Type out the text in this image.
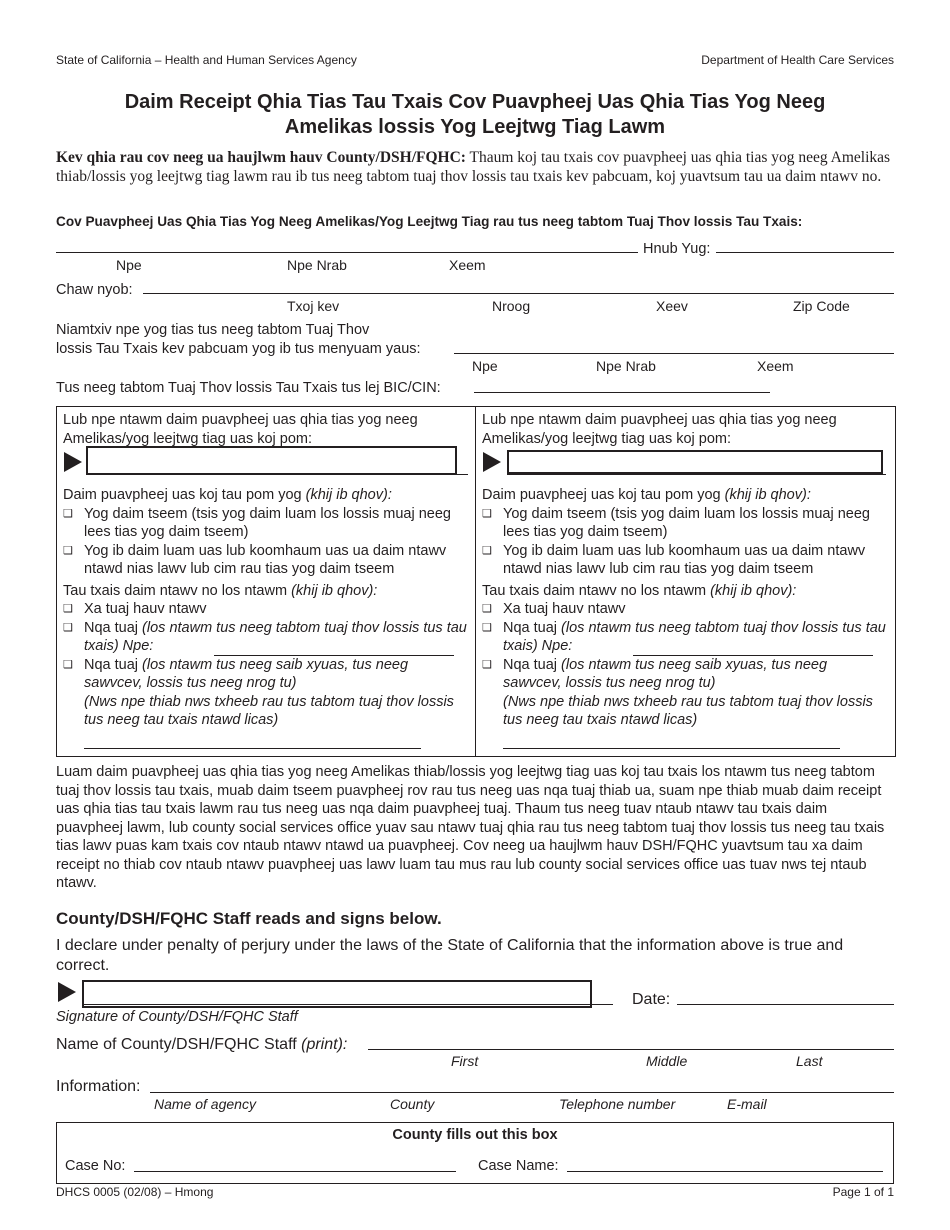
State of California – Health and Human Services Agency	Department of Health Care Services
Daim Receipt Qhia Tias Tau Txais Cov Puavpheej Uas Qhia Tias Yog Neeg
Amelikas lossis Yog Leejtwg Tiag Lawm
Kev qhia rau cov neeg ua haujlwm hauv County/DSH/FQHC: Thaum koj tau txais cov puavpheej uas qhia tias yog neeg Amelikas thiab/lossis yog leejtwg tiag lawm rau ib tus neeg tabtom tuaj thov lossis tau txais kev pabcuam, koj yuavtsum tau ua daim ntawv no.
Cov Puavpheej Uas Qhia Tias Yog Neeg Amelikas/Yog Leejtwg Tiag rau tus neeg tabtom Tuaj Thov lossis Tau Txais:
Hnub Yug:
Npe	Npe Nrab	Xeem
Chaw nyob:
Txoj kev	Nroog	Xeev	Zip Code
Niamtxiv npe yog tias tus neeg tabtom Tuaj Thov
lossis Tau Txais kev pabcuam yog ib tus menyuam yaus:
Npe	Npe Nrab	Xeem
Tus neeg tabtom Tuaj Thov lossis Tau Txais tus lej BIC/CIN:

Lub npe ntawm daim puavpheej uas qhia tias yog neeg

Amelikas/yog leejtwg tiag uas koj pom:

Daim puavpheej uas koj tau pom yog (khij ib qhov):

❑ Yog daim tseem (tsis yog daim luam los lossis muaj neeg lees tias yog daim tseem)
❑ Yog ib daim luam uas lub koomhaum uas ua daim ntawv ntawd nias lawv lub cim rau tias yog daim tseem

Tau txais daim ntawv no los ntawm (khij ib qhov):

❑ Xa tuaj hauv ntawv
❑ Nqa tuaj (los ntawm tus neeg tabtom tuaj thov lossis tus tau txais) Npe:
❑ Nqa tuaj (los ntawm tus neeg saib xyuas, tus neeg sawvcev, lossis tus neeg nrog tu)
(Nws npe thiab nws txheeb rau tus tabtom tuaj thov lossis tus neeg tau txais ntawd licas)

Lub npe ntawm daim puavpheej uas qhia tias yog neeg

Amelikas/yog leejtwg tiag uas koj pom:

Daim puavpheej uas koj tau pom yog (khij ib qhov):

❑ Yog daim tseem (tsis yog daim luam los lossis muaj neeg lees tias yog daim tseem)
❑ Yog ib daim luam uas lub koomhaum uas ua daim ntawv ntawd nias lawv lub cim rau tias yog daim tseem

Tau txais daim ntawv no los ntawm (khij ib qhov):

❑ Xa tuaj hauv ntawv
❑ Nqa tuaj (los ntawm tus neeg tabtom tuaj thov lossis tus tau txais) Npe:
❑ Nqa tuaj (los ntawm tus neeg saib xyuas, tus neeg sawvcev, lossis tus neeg nrog tu)
(Nws npe thiab nws txheeb rau tus tabtom tuaj thov lossis tus neeg tau txais ntawd licas)
Luam daim puavpheej uas qhia tias yog neeg Amelikas thiab/lossis yog leejtwg tiag uas koj tau txais los ntawm tus neeg tabtom tuaj thov lossis tau txais, muab daim tseem puavpheej rov rau tus neeg uas nqa tuaj thiab ua, suam npe thiab muab daim receipt uas qhia tias tau txais lawm rau tus neeg uas nqa daim puavpheej tuaj. Thaum tus neeg tuav ntaub ntawv tau txais daim puavpheej lawm, lub county social services office yuav sau ntawv tuaj qhia rau tus neeg tabtom tuaj thov lossis tus neeg tau txais tias lawv puas kam txais cov ntaub ntawv ntawd ua puavpheej. Cov neeg ua haujlwm hauv DSH/FQHC yuavtsum tau xa daim receipt no thiab cov ntaub ntawv puavpheej uas lawv luam tau mus rau lub county social services office uas tuav nws tej ntaub ntawv.
County/DSH/FQHC Staff reads and signs below.
I declare under penalty of perjury under the laws of the State of California that the information above is true and correct.
Date:
Signature of County/DSH/FQHC Staff
Name of County/DSH/FQHC Staff (print):
First	Middle	Last
Information:
Name of agency	County	Telephone number	E-mail
County fills out this box
Case No:	Case Name:
DHCS 0005 (02/08) – Hmong	Page 1 of 1
